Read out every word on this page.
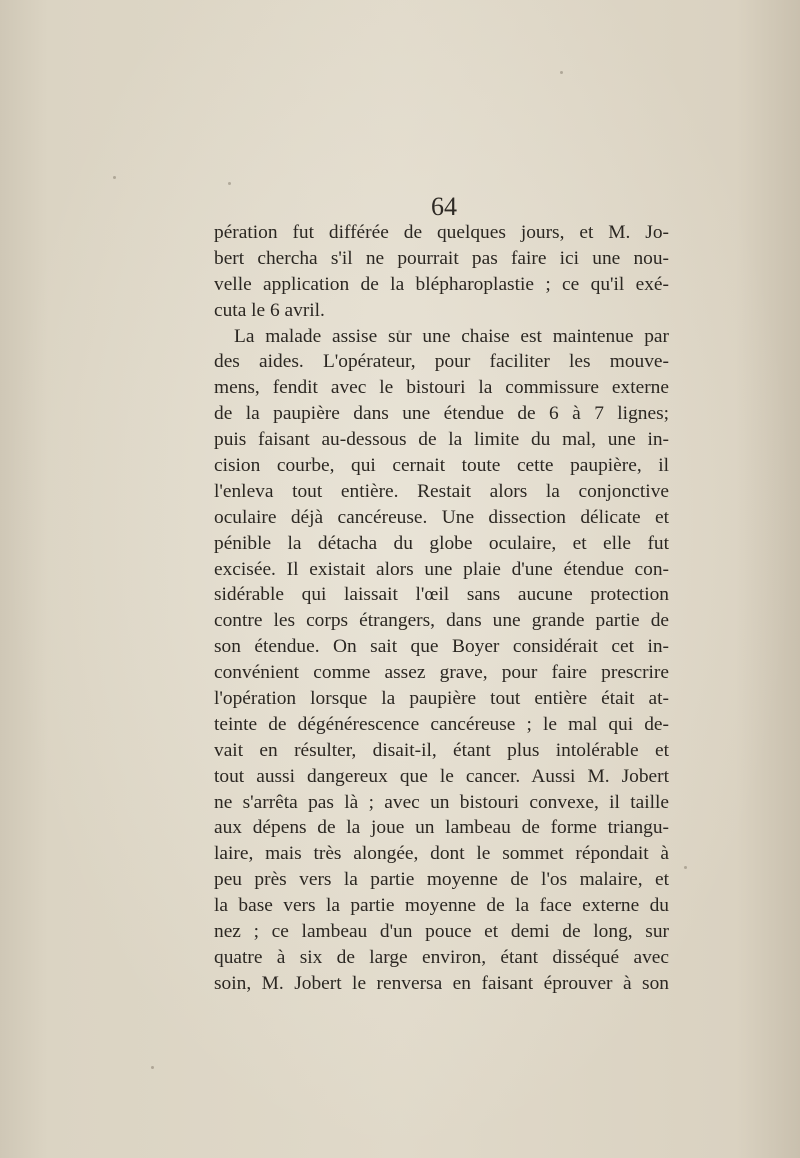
64
pération fut différée de quelques jours, et M. Jo-
bert chercha s'il ne pourrait pas faire ici une nou-
velle application de la blépharoplastie ; ce qu'il exé-
cuta le 6 avril.
La malade assise sur une chaise est maintenue par
des aides. L'opérateur, pour faciliter les mouve-
mens, fendit avec le bistouri la commissure externe
de la paupière dans une étendue de 6 à 7 lignes;
puis faisant au-dessous de la limite du mal, une in-
cision courbe, qui cernait toute cette paupière, il
l'enleva tout entière. Restait alors la conjonctive
oculaire déjà cancéreuse. Une dissection délicate et
pénible la détacha du globe oculaire, et elle fut
excisée. Il existait alors une plaie d'une étendue con-
sidérable qui laissait l'œil sans aucune protection
contre les corps étrangers, dans une grande partie de
son étendue. On sait que Boyer considérait cet in-
convénient comme assez grave, pour faire prescrire
l'opération lorsque la paupière tout entière était at-
teinte de dégénérescence cancéreuse ; le mal qui de-
vait en résulter, disait-il, étant plus intolérable et
tout aussi dangereux que le cancer. Aussi M. Jobert
ne s'arrêta pas là ; avec un bistouri convexe, il taille
aux dépens de la joue un lambeau de forme triangu-
laire, mais très alongée, dont le sommet répondait à
peu près vers la partie moyenne de l'os malaire, et
la base vers la partie moyenne de la face externe du
nez ; ce lambeau d'un pouce et demi de long, sur
quatre à six de large environ, étant disséqué avec
soin, M. Jobert le renversa en faisant éprouver à son
